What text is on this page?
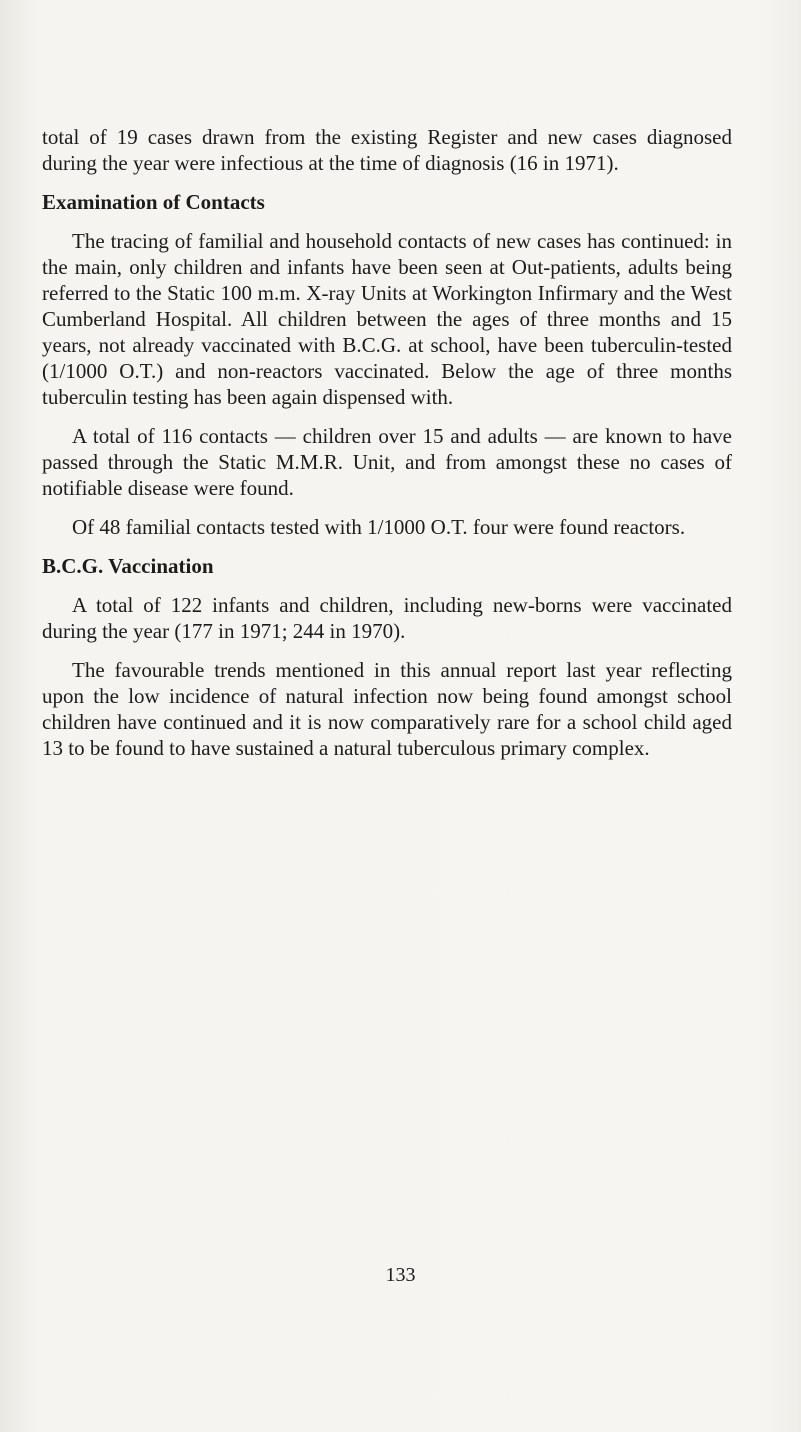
total of 19 cases drawn from the existing Register and new cases diagnosed during the year were infectious at the time of diagnosis (16 in 1971).

Examination of Contacts

The tracing of familial and household contacts of new cases has continued: in the main, only children and infants have been seen at Out-patients, adults being referred to the Static 100 m.m. X-ray Units at Workington Infirmary and the West Cumberland Hospital. All children between the ages of three months and 15 years, not already vaccinated with B.C.G. at school, have been tuberculin-tested (1/1000 O.T.) and non-reactors vaccinated. Below the age of three months tuberculin testing has been again dispensed with.

A total of 116 contacts — children over 15 and adults — are known to have passed through the Static M.M.R. Unit, and from amongst these no cases of notifiable disease were found.

Of 48 familial contacts tested with 1/1000 O.T. four were found reactors.

B.C.G. Vaccination

A total of 122 infants and children, including new-borns were vaccinated during the year (177 in 1971; 244 in 1970).

The favourable trends mentioned in this annual report last year reflecting upon the low incidence of natural infection now being found amongst school children have continued and it is now comparatively rare for a school child aged 13 to be found to have sustained a natural tuberculous primary complex.

133
